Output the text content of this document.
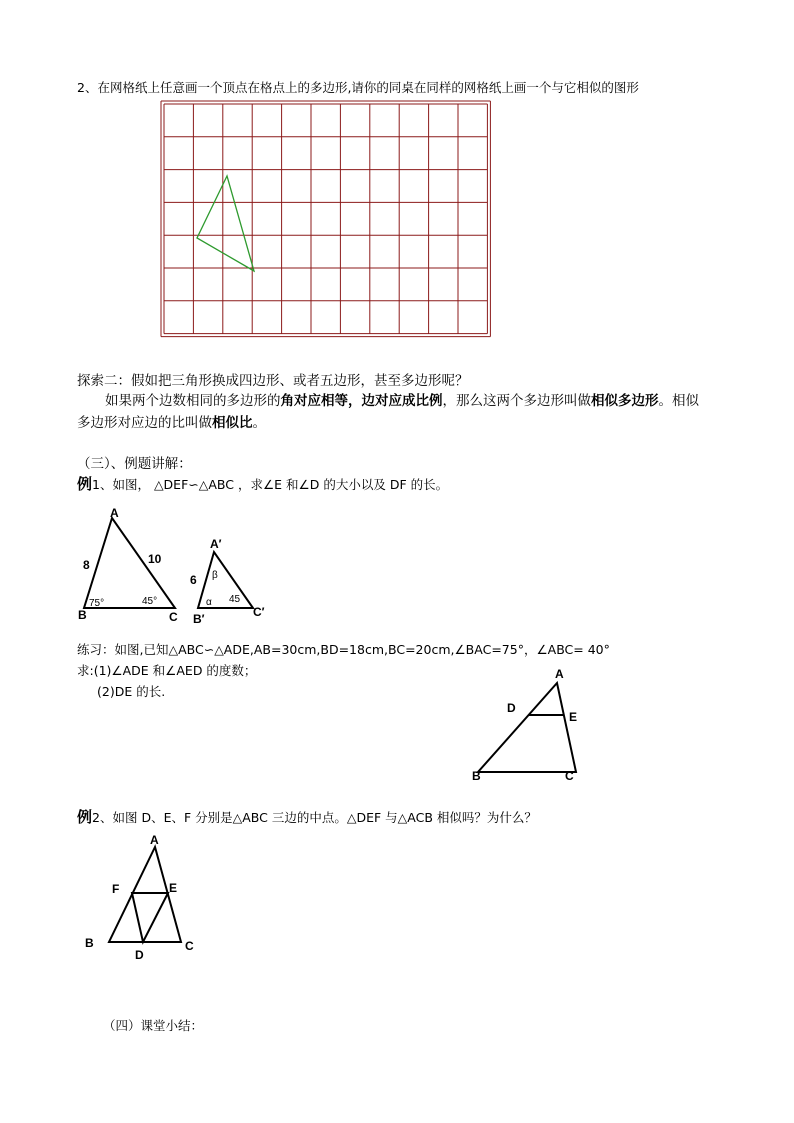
2、在网格纸上任意画一个顶点在格点上的多边形,请你的同桌在同样的网格纸上画一个与它相似的图形
探索二：假如把三角形换成四边形、或者五边形，甚至多边形呢？
如果两个边数相同的多边形的角对应相等，边对应成比例，那么这两个多边形叫做相似多边形。相似
多边形对应边的比叫做相似比。
（三）、例题讲解：
例1、如图， △DEF∽△ABC ，求∠E 和∠D 的大小以及 DF 的长。
A
B	C
8	10
A′
B′	C′
6
75°	45°
β
α 45
练习：如图,已知△ABC∽△ADE,AB=30cm,BD=18cm,BC=20cm,∠BAC=75°，∠ABC= 40°
求:(1)∠ADE 和∠AED 的度数；
(2)DE 的长.
A
B	C
D
E
例2、如图 D、E、F 分别是△ABC 三边的中点。△DEF 与△ACB 相似吗？为什么？
A
B	C
D
E
F
（四）课堂小结：
